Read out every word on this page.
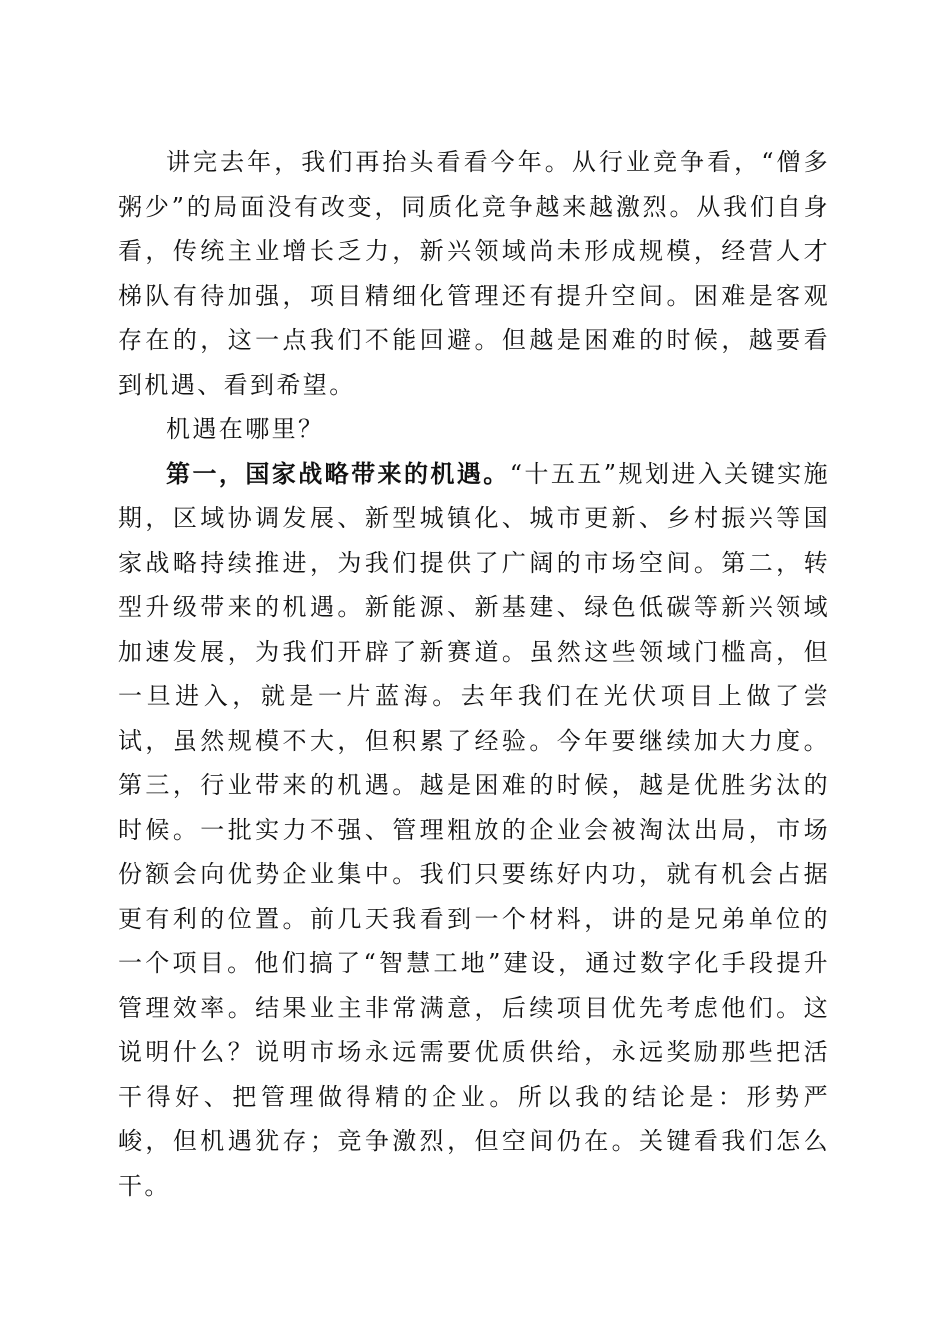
讲完去年，我们再抬头看看今年。从行业竞争看，“僧多粥少”的局面没有改变，同质化竞争越来越激烈。从我们自身看，传统主业增长乏力，新兴领域尚未形成规模，经营人才梯队有待加强，项目精细化管理还有提升空间。困难是客观存在的，这一点我们不能回避。但越是困难的时候，越要看到机遇、看到希望。

机遇在哪里？

第一，国家战略带来的机遇。“十五五”规划进入关键实施期，区域协调发展、新型城镇化、城市更新、乡村振兴等国家战略持续推进，为我们提供了广阔的市场空间。第二，转型升级带来的机遇。新能源、新基建、绿色低碳等新兴领域加速发展，为我们开辟了新赛道。虽然这些领域门槛高，但一旦进入，就是一片蓝海。去年我们在光伏项目上做了尝试，虽然规模不大，但积累了经验。今年要继续加大力度。第三，行业带来的机遇。越是困难的时候，越是优胜劣汰的时候。一批实力不强、管理粗放的企业会被淘汰出局，市场份额会向优势企业集中。我们只要练好内功，就有机会占据更有利的位置。前几天我看到一个材料，讲的是兄弟单位的一个项目。他们搞了“智慧工地”建设，通过数字化手段提升管理效率。结果业主非常满意，后续项目优先考虑他们。这说明什么？说明市场永远需要优质供给，永远奖励那些把活干得好、把管理做得精的企业。所以我的结论是：形势严峻，但机遇犹存；竞争激烈，但空间仍在。关键看我们怎么干。
